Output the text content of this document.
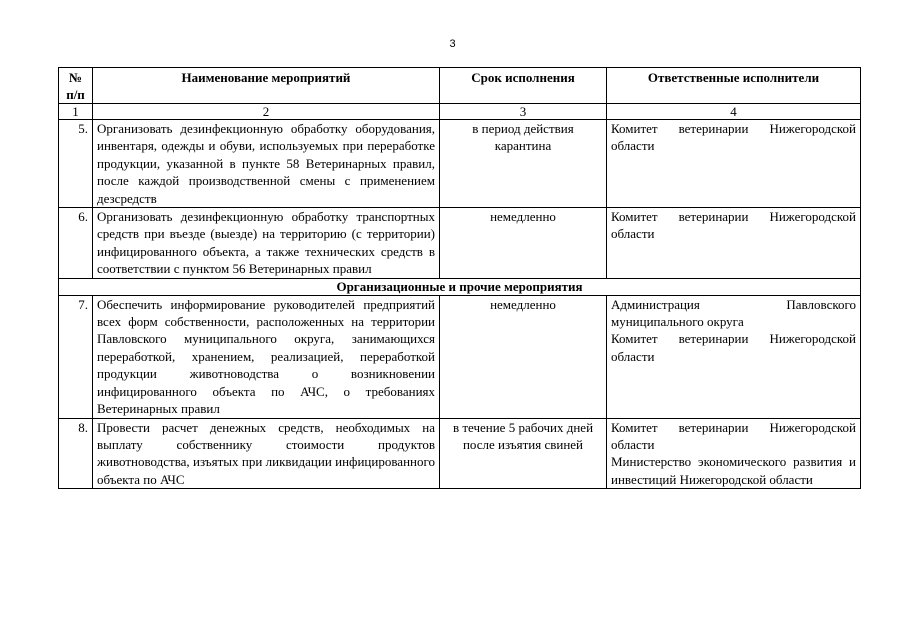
3
№ п/п	Наименование мероприятий	Срок исполнения	Ответственные исполнители
1	2	3	4
5.	Организовать дезинфекционную обработку оборудования, инвентаря, одежды и обуви, используемых при переработке продукции, указанной в пункте 58 Ветеринарных правил, после каждой производственной смены с применением дезсредств	в период действия карантина	Комитет ветеринарии Нижегородской области

6.	Организовать дезинфекционную обработку транспортных средств при въезде (выезде) на территорию (с территории) инфицированного объекта, а также технических средств в соответствии с пунктом 56 Ветеринарных правил	немедленно	Комитет ветеринарии Нижегородской области

Организационные и прочие мероприятия			
7.	Обеспечить информирование руководителей предприятий всех форм собственности, расположенных на территории Павловского муниципального округа, занимающихся переработкой, хранением, реализацией, переработкой продукции животноводства о возникновении инфицированного объекта по АЧС, о требованиях Ветеринарных правил	немедленно	Администрация Павловского муниципального округа
Комитет ветеринарии Нижегородской области

8.	Провести расчет денежных средств, необходимых на выплату собственнику стоимости продуктов животноводства, изъятых при ликвидации инфицированного объекта по АЧС	в течение 5 рабочих дней после изъятия свиней	Комитет ветеринарии Нижегородской области
Министерство экономического развития и инвестиций Нижегородской области
